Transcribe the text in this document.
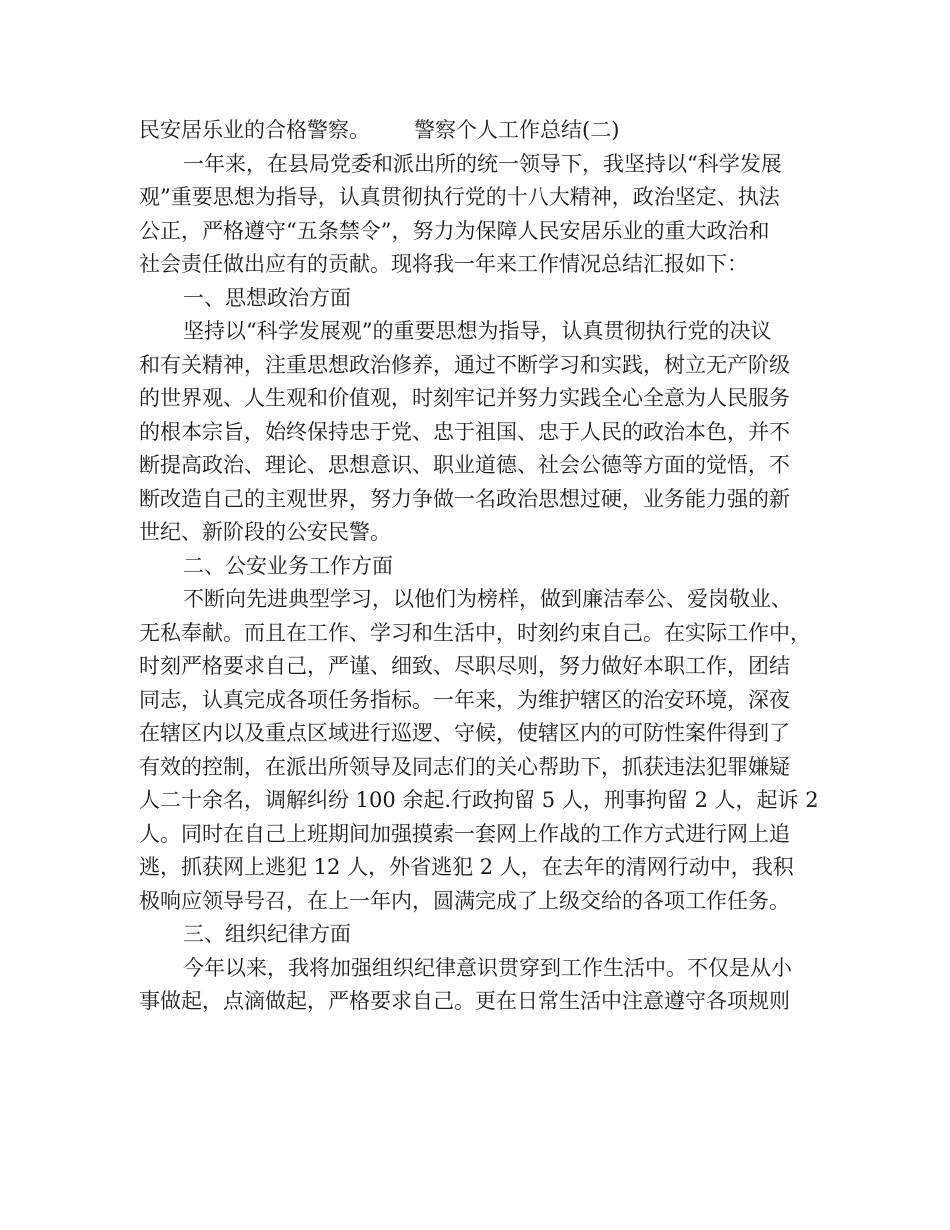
民安居乐业的合格警察。 警察个人工作总结(二)

一年来，在县局党委和派出所的统一领导下，我坚持以“科学发展

观”重要思想为指导，认真贯彻执行党的十八大精神，政治坚定、执法

公正，严格遵守“五条禁令”，努力为保障人民安居乐业的重大政治和

社会责任做出应有的贡献。现将我一年来工作情况总结汇报如下：

一、思想政治方面

坚持以“科学发展观”的重要思想为指导，认真贯彻执行党的决议

和有关精神，注重思想政治修养，通过不断学习和实践，树立无产阶级

的世界观、人生观和价值观，时刻牢记并努力实践全心全意为人民服务

的根本宗旨，始终保持忠于党、忠于祖国、忠于人民的政治本色，并不

断提高政治、理论、思想意识、职业道德、社会公德等方面的觉悟，不

断改造自己的主观世界，努力争做一名政治思想过硬，业务能力强的新

世纪、新阶段的公安民警。

二、公安业务工作方面

不断向先进典型学习，以他们为榜样，做到廉洁奉公、爱岗敬业、

无私奉献。而且在工作、学习和生活中，时刻约束自己。在实际工作中，

时刻严格要求自己，严谨、细致、尽职尽则，努力做好本职工作，团结

同志，认真完成各项任务指标。一年来，为维护辖区的治安环境，深夜

在辖区内以及重点区域进行巡逻、守候，使辖区内的可防性案件得到了

有效的控制，在派出所领导及同志们的关心帮助下，抓获违法犯罪嫌疑

人二十余名，调解纠纷 100 余起.行政拘留 5 人，刑事拘留 2 人，起诉 2

人。同时在自己上班期间加强摸索一套网上作战的工作方式进行网上追

逃，抓获网上逃犯 12 人，外省逃犯 2 人，在去年的清网行动中，我积

极响应领导号召，在上一年内，圆满完成了上级交给的各项工作任务。

三、组织纪律方面

今年以来，我将加强组织纪律意识贯穿到工作生活中。不仅是从小

事做起，点滴做起，严格要求自己。更在日常生活中注意遵守各项规则
